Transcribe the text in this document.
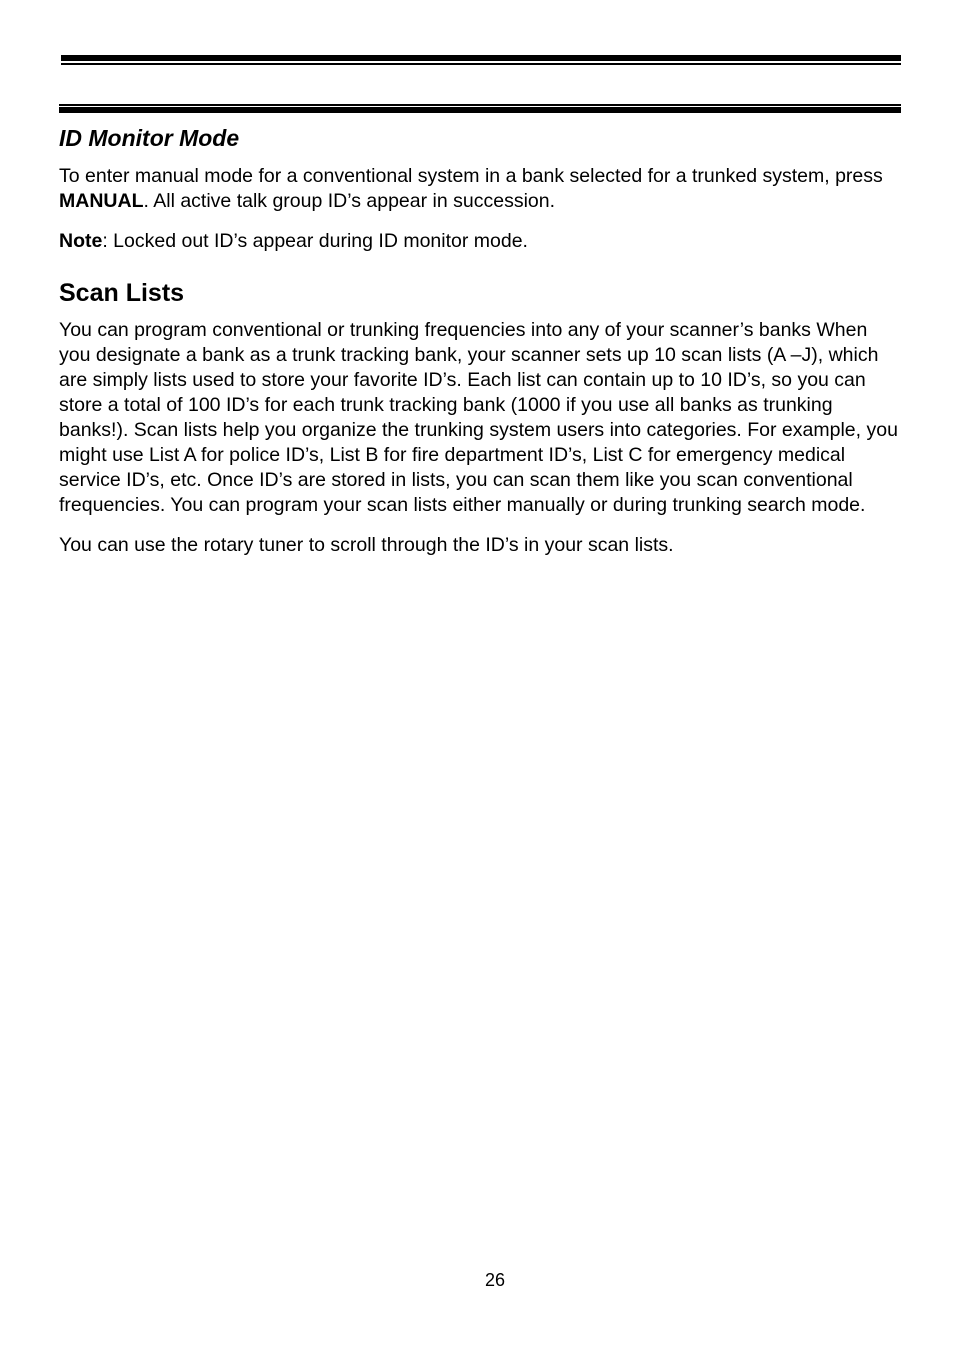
ID Monitor Mode

To enter manual mode for a conventional system in a bank selected for a trunked system, press MANUAL. All active talk group ID’s appear in succession.

Note: Locked out ID’s appear during ID monitor mode.

Scan Lists

You can program conventional or trunking frequencies into any of your scanner’s banks When you designate a bank as a trunk tracking bank, your scanner sets up 10 scan lists (A –J), which are simply lists used to store your favorite ID’s. Each list can contain up to 10 ID’s, so you can store a total of 100 ID’s for each trunk tracking bank (1000 if you use all banks as trunking banks!). Scan lists help you organize the trunking system users into categories. For example, you might use List A for police ID’s, List B for fire department ID’s, List C for emergency medical service ID’s, etc. Once ID’s are stored in lists, you can scan them like you scan conventional frequencies. You can program your scan lists either manually or during trunking search mode.

You can use the rotary tuner to scroll through the ID’s in your scan lists.

26
